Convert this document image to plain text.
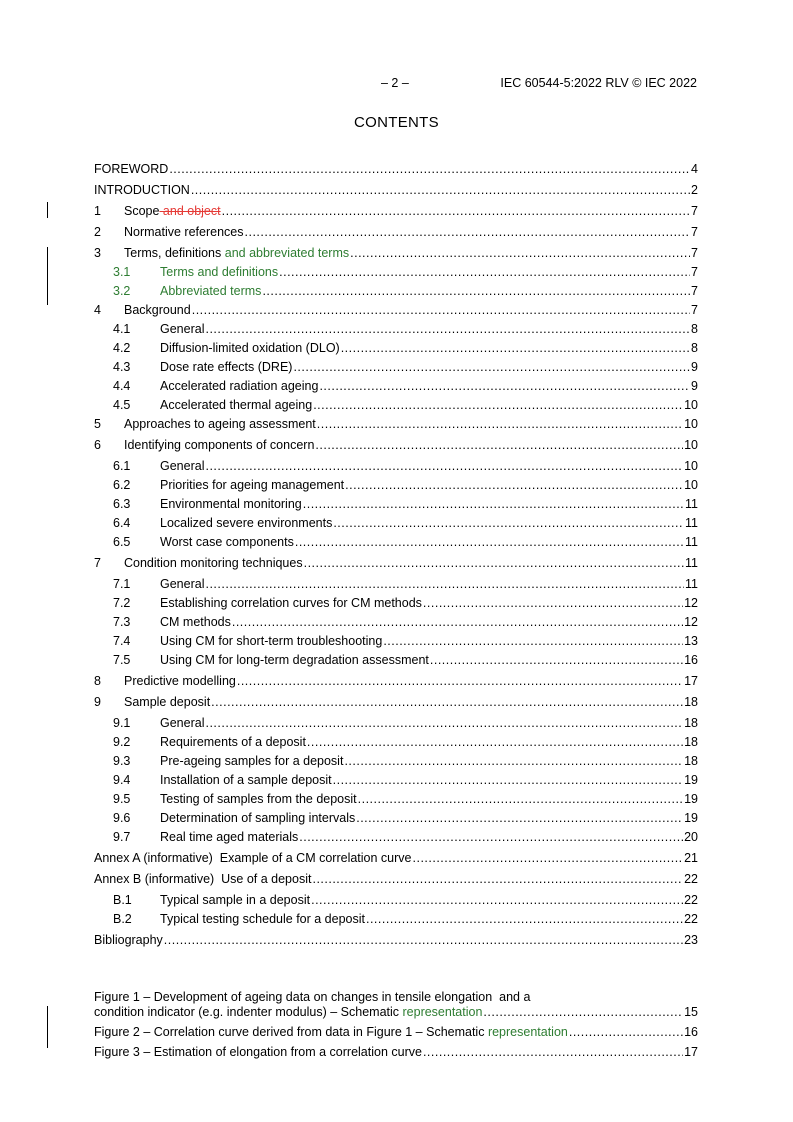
– 2 –	IEC 60544-5:2022 RLV © IEC 2022
CONTENTS
FOREWORD .....	4
INTRODUCTION .....	2
1	Scope and object .....	7
2	Normative references .....	7
3	Terms, definitions and abbreviated terms .....	7
3.1	Terms and definitions .....	7
3.2	Abbreviated terms .....	7
4	Background .....	7
4.1	General .....	8
4.2	Diffusion-limited oxidation (DLO) .....	8
4.3	Dose rate effects (DRE) .....	9
4.4	Accelerated radiation ageing .....	9
4.5	Accelerated thermal ageing .....	10
5	Approaches to ageing assessment .....	10
6	Identifying components of concern .....	10
6.1	General .....	10
6.2	Priorities for ageing management .....	10
6.3	Environmental monitoring .....	11
6.4	Localized severe environments .....	11
6.5	Worst case components .....	11
7	Condition monitoring techniques .....	11
7.1	General .....	11
7.2	Establishing correlation curves for CM methods .....	12
7.3	CM methods .....	12
7.4	Using CM for short-term troubleshooting .....	13
7.5	Using CM for long-term degradation assessment .....	16
8	Predictive modelling .....	17
9	Sample deposit .....	18
9.1	General .....	18
9.2	Requirements of a deposit .....	18
9.3	Pre-ageing samples for a deposit .....	18
9.4	Installation of a sample deposit .....	19
9.5	Testing of samples from the deposit .....	19
9.6	Determination of sampling intervals .....	19
9.7	Real time aged materials .....	20
Annex A (informative)  Example of a CM correlation curve .....	21
Annex B (informative)  Use of a deposit .....	22
B.1	Typical sample in a deposit .....	22
B.2	Typical testing schedule for a deposit .....	22
Bibliography .....	23
Figure 1 – Development of ageing data on changes in tensile elongation  and a
condition indicator (e.g. indenter modulus) – Schematic representation .....	15
Figure 2 – Correlation curve derived from data in Figure 1 – Schematic representation .....	16
Figure 3 – Estimation of elongation from a correlation curve .....	17
